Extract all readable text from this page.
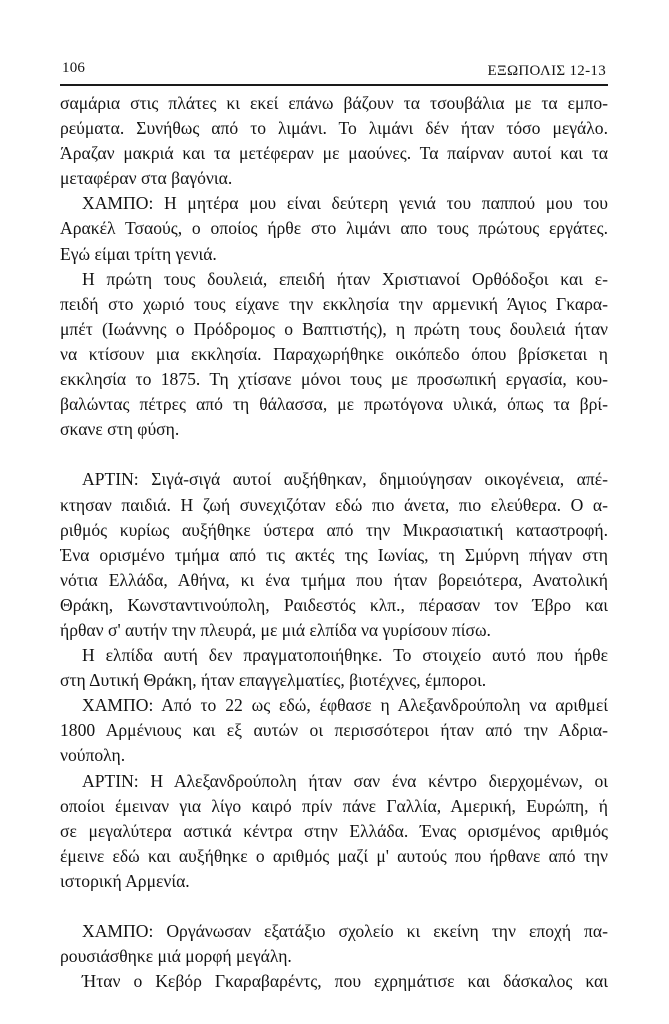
106	ΕΞΩΠΟΛΙΣ 12-13
σαμάρια στις πλάτες κι εκεί επάνω βάζουν τα τσουβάλια με τα εμπο-
ρεύματα. Συνήθως από το λιμάνι. Το λιμάνι δέν ήταν τόσο μεγάλο.
Άραζαν μακριά και τα μετέφεραν με μαούνες. Τα παίρναν αυτοί και τα
μεταφέραν στα βαγόνια.
ΧΑΜΠΟ: Η μητέρα μου είναι δεύτερη γενιά του παππού μου του
Αρακέλ Τσαούς, ο οποίος ήρθε στο λιμάνι απο τους πρώτους εργάτες.
Εγώ είμαι τρίτη γενιά.
Η πρώτη τους δουλειά, επειδή ήταν Χριστιανοί Ορθόδοξοι και ε-
πειδή στο χωριό τους είχανε την εκκλησία την αρμενική Άγιος Γκαρα-
μπέτ (Ιωάννης ο Πρόδρομος ο Βαπτιστής), η πρώτη τους δουλειά ήταν
να κτίσουν μια εκκλησία. Παραχωρήθηκε οικόπεδο όπου βρίσκεται η
εκκλησία το 1875. Τη χτίσανε μόνοι τους με προσωπική εργασία, κου-
βαλώντας πέτρες από τη θάλασσα, με πρωτόγονα υλικά, όπως τα βρί-
σκανε στη φύση.
ΑΡΤΙΝ: Σιγά-σιγά αυτοί αυξήθηκαν, δημιούγησαν οικογένεια, απέ-
κτησαν παιδιά. Η ζωή συνεχιζόταν εδώ πιο άνετα, πιο ελεύθερα. Ο α-
ριθμός κυρίως αυξήθηκε ύστερα από την Μικρασιατική καταστροφή.
Ένα ορισμένο τμήμα από τις ακτές της Ιωνίας, τη Σμύρνη πήγαν στη
νότια Ελλάδα, Αθήνα, κι ένα τμήμα που ήταν βορειότερα, Ανατολική
Θράκη, Κωνσταντινούπολη, Ραιδεστός κλπ., πέρασαν τον Έβρο και
ήρθαν σ' αυτήν την πλευρά, με μιά ελπίδα να γυρίσουν πίσω.
Η ελπίδα αυτή δεν πραγματοποιήθηκε. Το στοιχείο αυτό που ήρθε
στη Δυτική Θράκη, ήταν επαγγελματίες, βιοτέχνες, έμποροι.
ΧΑΜΠΟ: Από το 22 ως εδώ, έφθασε η Αλεξανδρούπολη να αριθμεί
1800 Αρμένιους και εξ αυτών οι περισσότεροι ήταν από την Αδρια-
νούπολη.
ΑΡΤΙΝ: Η Αλεξανδρούπολη ήταν σαν ένα κέντρο διερχομένων, οι
οποίοι έμειναν για λίγο καιρό πρίν πάνε Γαλλία, Αμερική, Ευρώπη, ή
σε μεγαλύτερα αστικά κέντρα στην Ελλάδα. Ένας ορισμένος αριθμός
έμεινε εδώ και αυξήθηκε ο αριθμός μαζί μ' αυτούς που ήρθανε από την
ιστορική Αρμενία.
ΧΑΜΠΟ: Οργάνωσαν εξατάξιο σχολείο κι εκείνη την εποχή πα-
ρουσιάσθηκε μιά μορφή μεγάλη.
Ήταν ο Κεβόρ Γκαραβαρέντς, που εχρημάτισε και δάσκαλος και
